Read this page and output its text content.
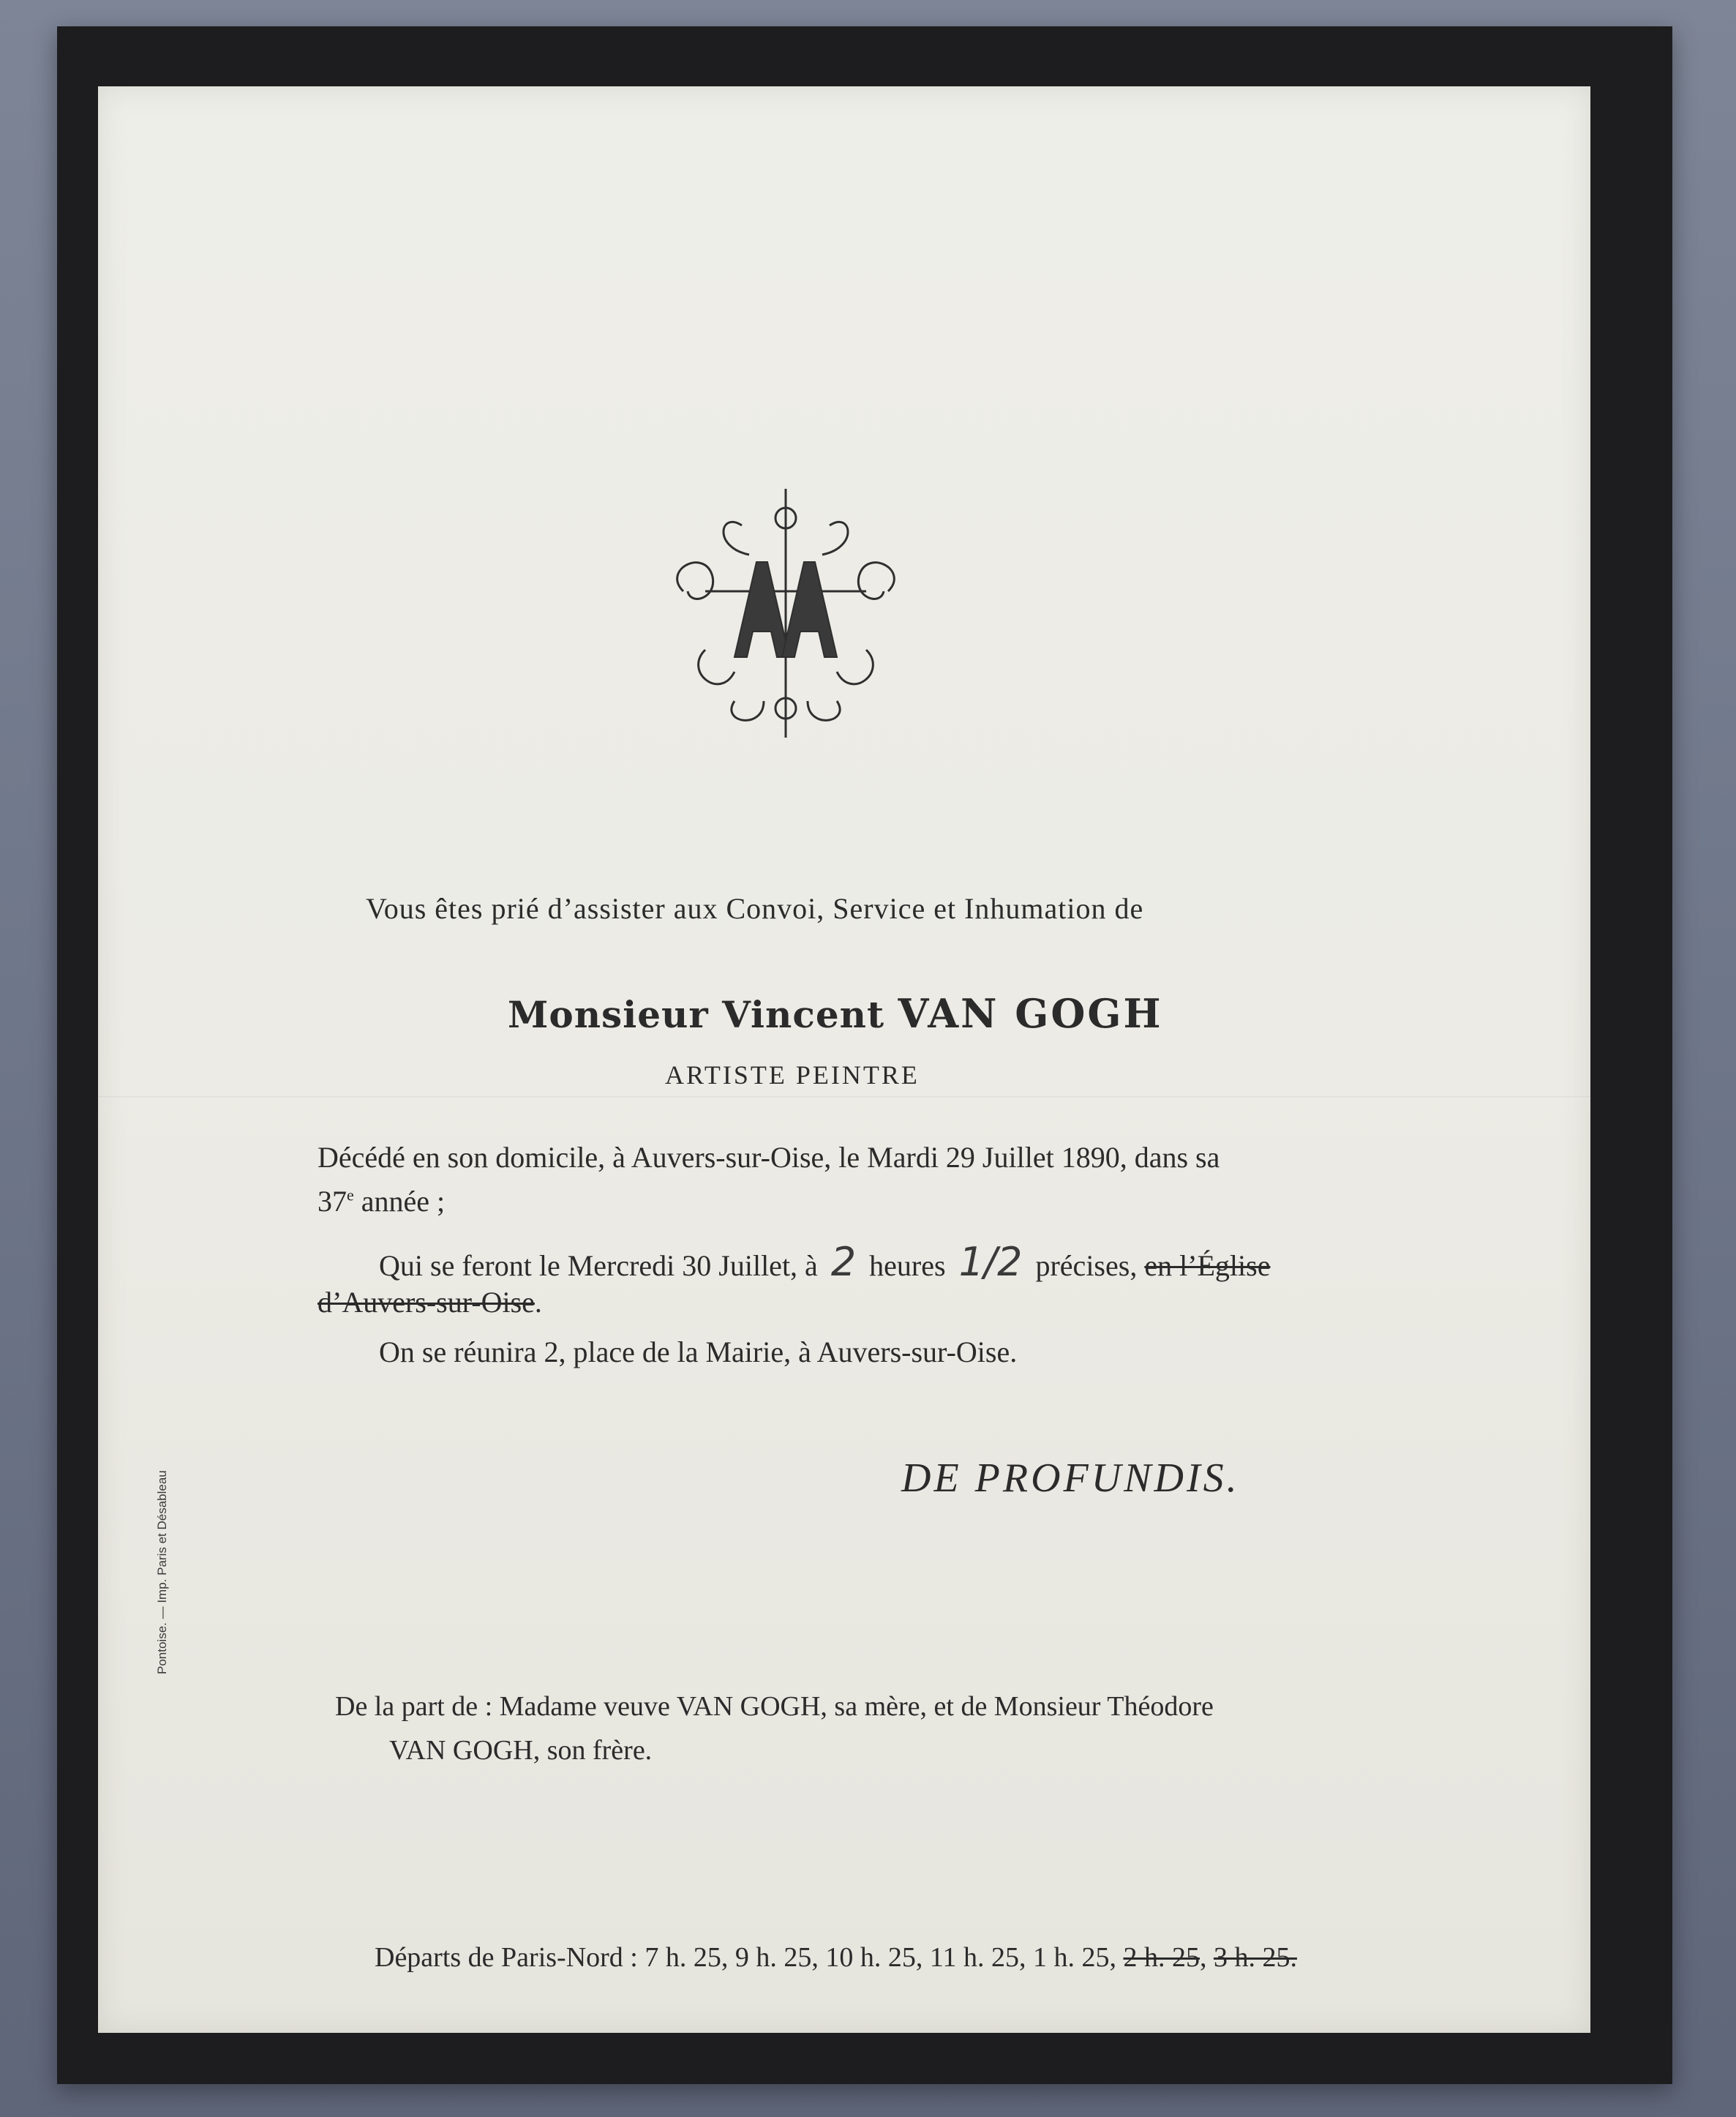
Vous êtes prié d’assister aux Convoi, Service et Inhumation de

Monsieur Vincent VAN GOGH

ARTISTE PEINTRE

Décédé en son domicile, à Auvers-sur-Oise, le Mardi 29 Juillet 1890, dans sa

37e année ;

Qui se feront le Mercredi 30 Juillet, à 2 heures 1/2 précises, en l’Église

d’Auvers-sur-Oise.

On se réunira 2, place de la Mairie, à Auvers-sur-Oise.

DE PROFUNDIS.

De la part de : Madame veuve VAN GOGH, sa mère, et de Monsieur Théodore

VAN GOGH, son frère.

Départs de Paris-Nord : 7 h. 25, 9 h. 25, 10 h. 25, 11 h. 25, 1 h. 25, 2 h. 25, 3 h. 25.

Pontoise. — Imp. Paris et Désableau
